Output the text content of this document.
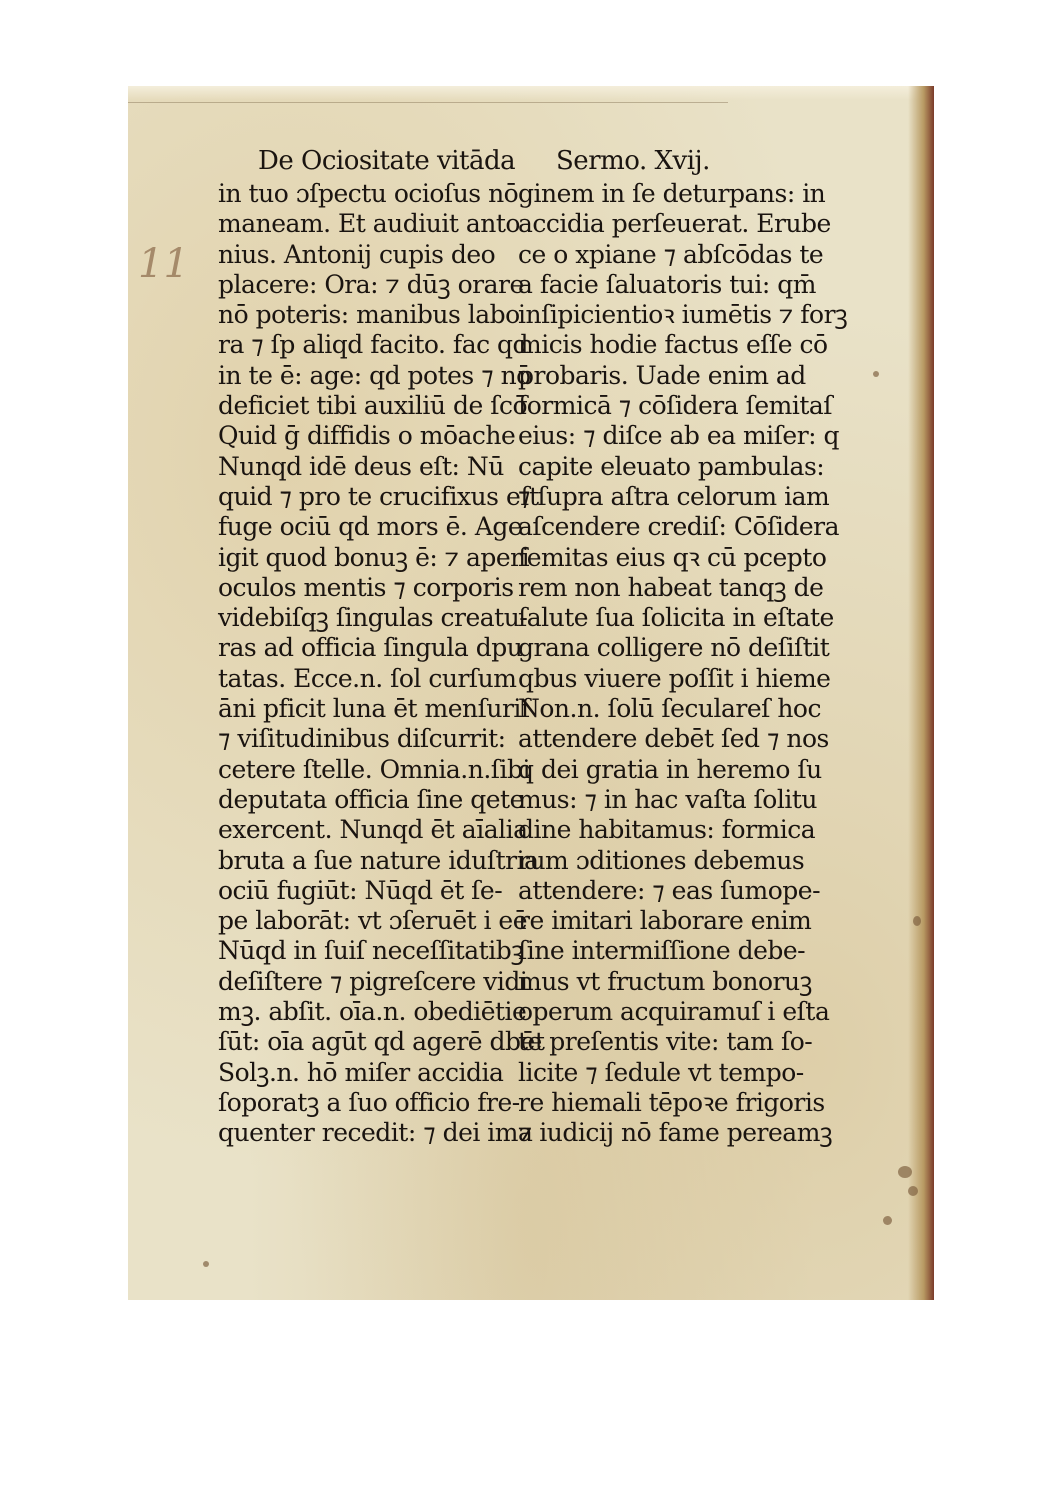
11
De Ociositate vitāda
in tuo ɔſpectu ocioſus nō
maneam. Et audiuit anto
nius. Antonij cupis deo
placere: Ora: ⁊ dūꝫ orare
nō poteris: manibus labo
ra ⁊ ſp aliqd facito. fac qd
in te ē: age: qd potes ⁊ nō
deficiet tibi auxiliū de ſcō
Quid ḡ diffidis o mōache
Nunqd idē deus eſt: Nū
quid ⁊ pro te crucifixus eſt
fuge ociū qd mors ē. Age
igit quod bonuꝫ ē: ⁊ aperi
oculos mentis ⁊ corporis
videbiſqꝫ ſingulas creatu-
ras ad officia ſingula dpu
tatas. Ecce.n. ſol curſum
āni pficit luna ēt menſuriſ
⁊ viſitudinibus diſcurrit:
cetere ſtelle. Omnia.n.ſibi
deputata officia ſine qete
exercent. Nunqd ēt aīalia
bruta a ſue nature iduſtria
ociū fugiūt: Nūqd ēt ſe-
pe laborāt: vt ɔſeruēt i eē
Nūqd in ſuiſ neceſſitatibꝫ
deſiſtere ⁊ pigreſcere vidi
mꝫ. abſit. oīa.n. obediētie
ſūt: oīa agūt qd agerē dbēt
Solꝫ.n. hō miſer accidia
ſoporatꝫ a ſuo officio fre-
quenter recedit: ⁊ dei ima
Sermo. Xvij.
ginem in ſe deturpans: in
accidia perſeuerat. Erube
ce o xpiane ⁊ abſcōdas te
a facie ſaluatoris tui: qm̄
inſipicientioꝛ iumētis ⁊ forꝫ
micis hodie factus eſſe cō
probaris. Uade enim ad
formicā ⁊ cōſidera ſemitaſ
eius: ⁊ diſce ab ea miſer: q
capite eleuato pambulas:
⁊ ſupra aſtra celorum iam
aſcendere crediſ: Cōſidera
ſemitas eius qꝛ cū pcepto
rem non habeat tanqꝫ de
ſalute ſua ſolicita in eſtate
grana colligere nō deſiſtit
qbus viuere poſſit i hieme
Non.n. ſolū ſeculareſ hoc
attendere debēt ſed ⁊ nos
q dei gratia in heremo ſu
mus: ⁊ in hac vaſta ſolitu
dine habitamus: formica
rum ɔditiones debemus
attendere: ⁊ eas ſumope-
re imitari laborare enim
ſine intermiſſione debe-
mus vt fructum bonoruꝫ
operum acquiramuſ i eſta
te preſentis vite: tam ſo-
licite ⁊ ſedule vt tempo-
re hiemali tēpoꝛe frigoris
⁊ iudicij nō fame pereamꝫ
